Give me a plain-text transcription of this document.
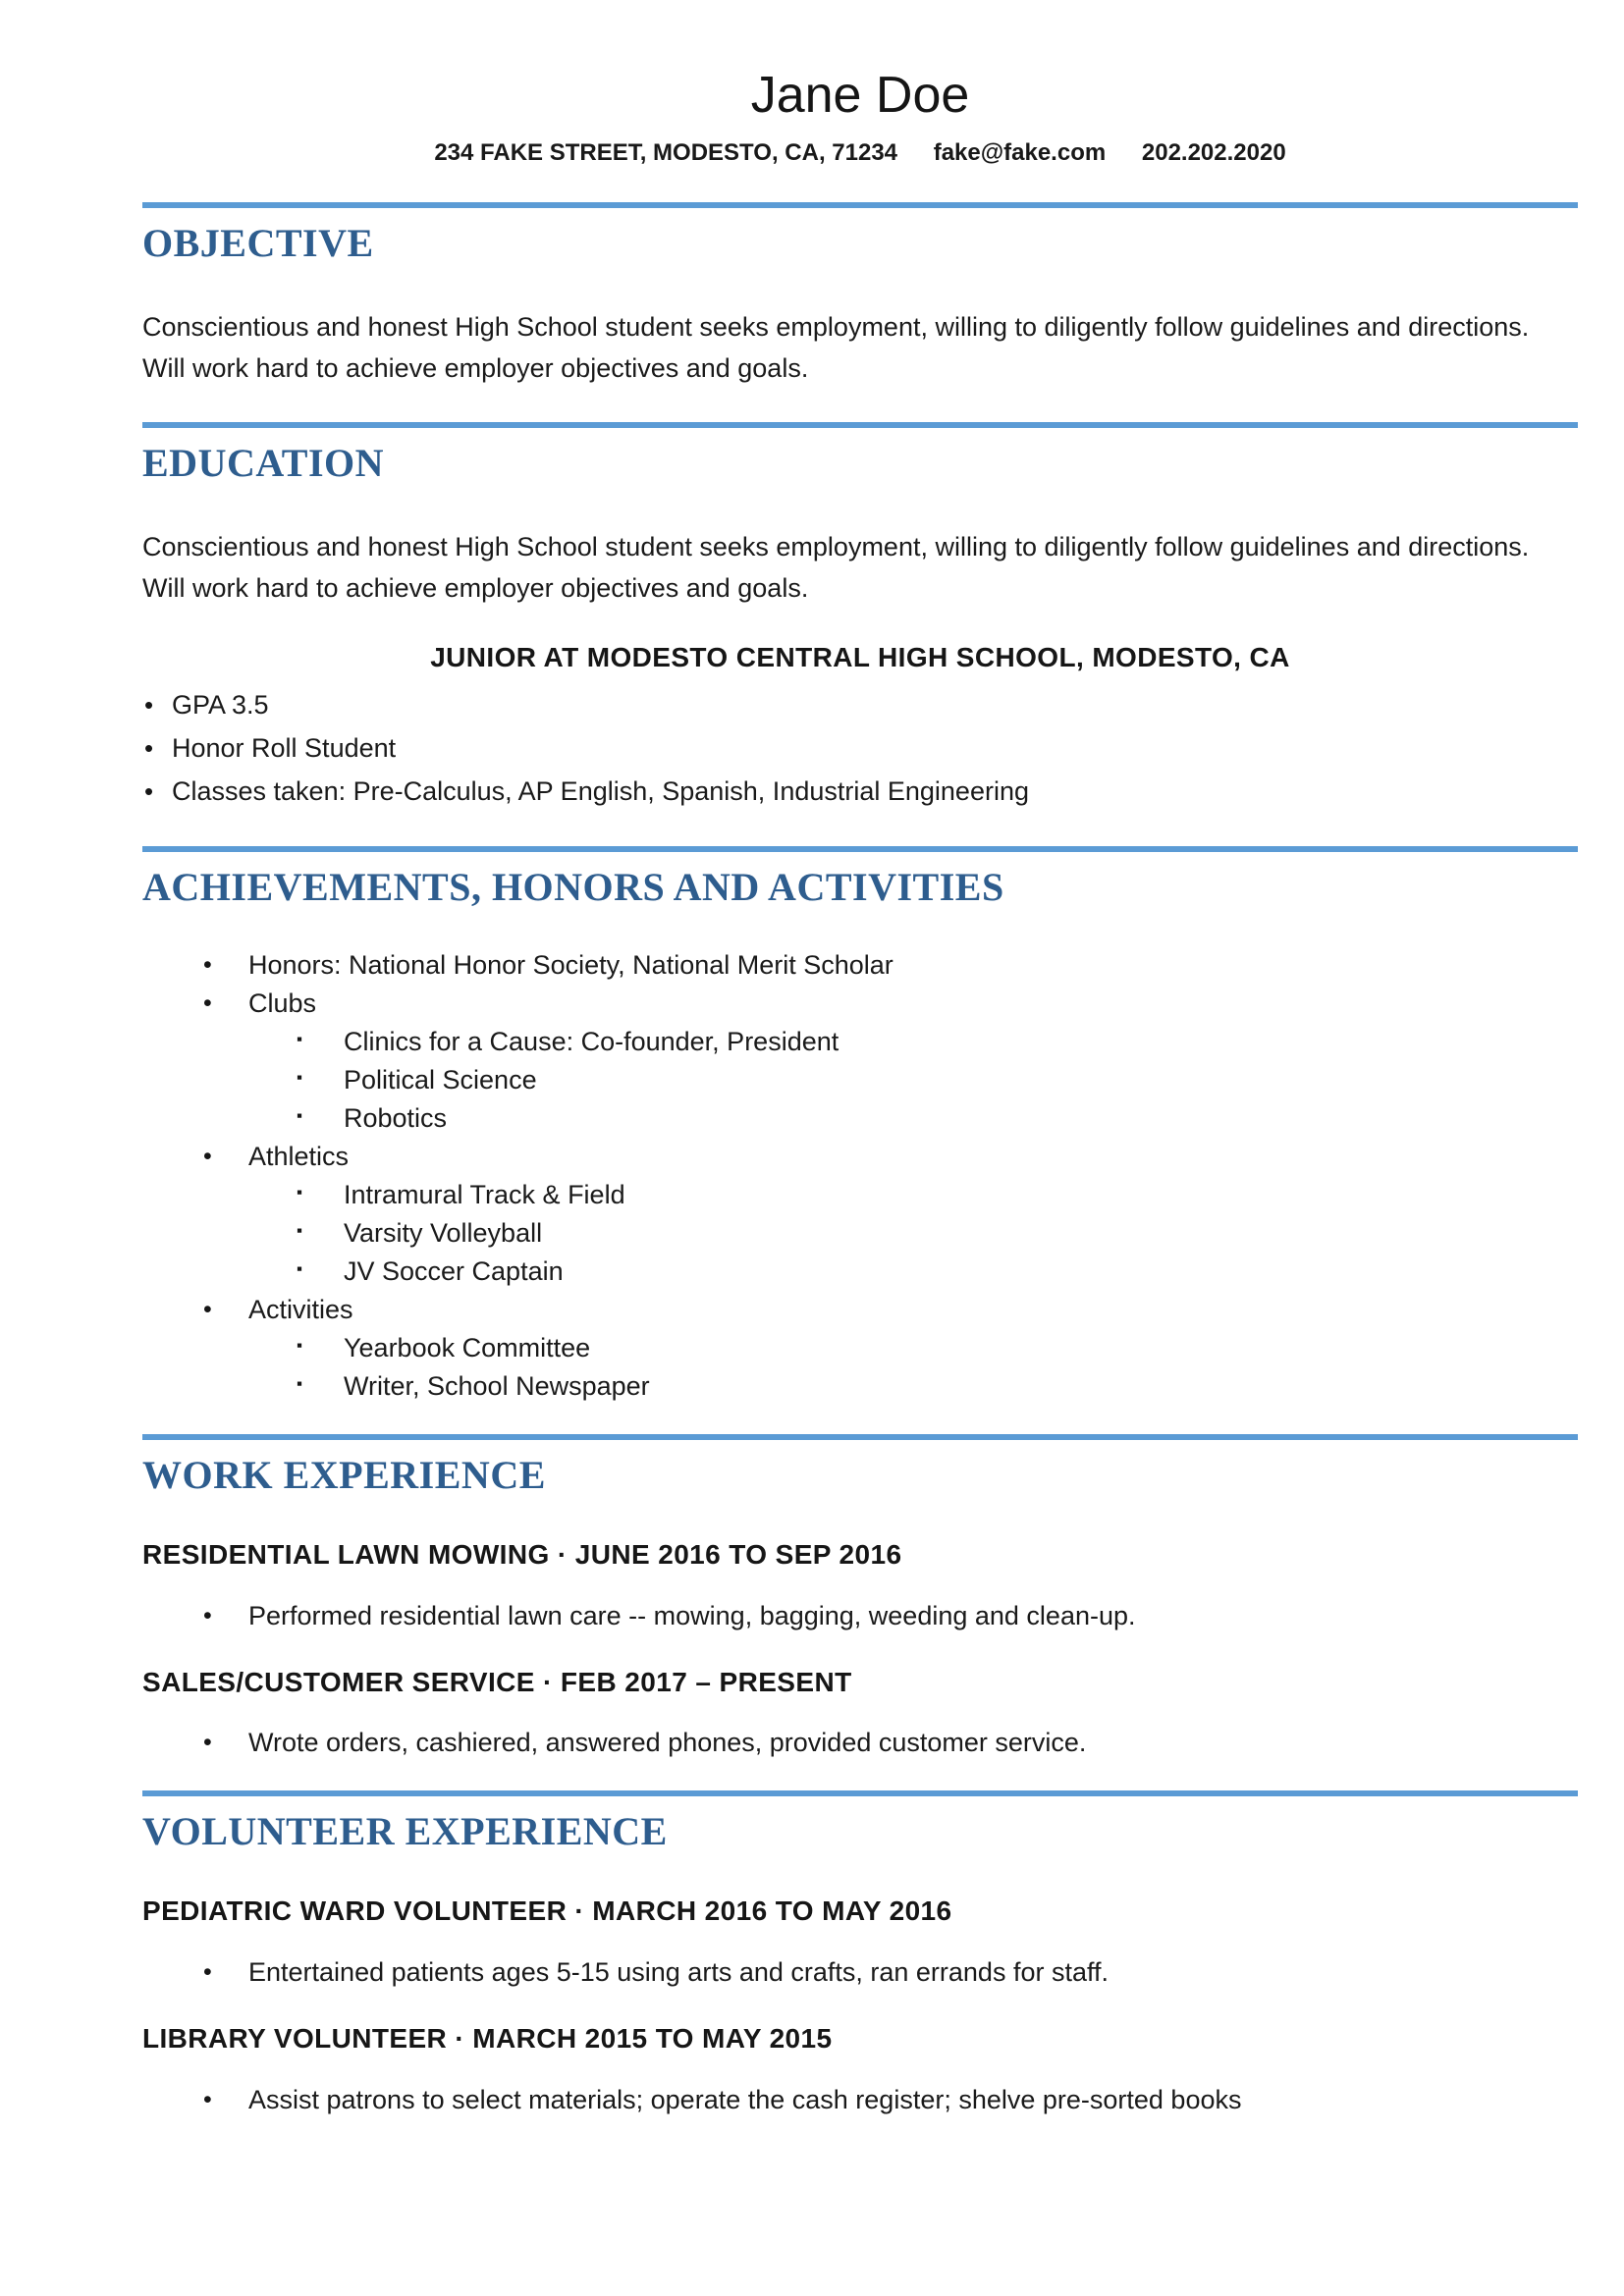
Jane Doe
234 FAKE STREET, MODESTO, CA, 71234 fake@fake.com 202.202.2020
OBJECTIVE

Conscientious and honest High School student seeks employment, willing to diligently follow guidelines and directions. Will work hard to achieve employer objectives and goals.

EDUCATION

Conscientious and honest High School student seeks employment, willing to diligently follow guidelines and directions. Will work hard to achieve employer objectives and goals.

JUNIOR AT MODESTO CENTRAL HIGH SCHOOL, MODESTO, CA

• GPA 3.5
• Honor Roll Student
• Classes taken: Pre-Calculus, AP English, Spanish, Industrial Engineering
ACHIEVEMENTS, HONORS AND ACTIVITIES
• Honors: National Honor Society, National Merit Scholar
• Clubs
▪ Clinics for a Cause: Co-founder, President
▪ Political Science
▪ Robotics
• Athletics
▪ Intramural Track & Field
▪ Varsity Volleyball
▪ JV Soccer Captain
• Activities
▪ Yearbook Committee
▪ Writer, School Newspaper
WORK EXPERIENCE
RESIDENTIAL LAWN MOWING · JUNE 2016 TO SEP 2016
• Performed residential lawn care -- mowing, bagging, weeding and clean-up.
SALES/CUSTOMER SERVICE · FEB 2017 – PRESENT
• Wrote orders, cashiered, answered phones, provided customer service.
VOLUNTEER EXPERIENCE
PEDIATRIC WARD VOLUNTEER · MARCH 2016 TO MAY 2016
• Entertained patients ages 5-15 using arts and crafts, ran errands for staff.
LIBRARY VOLUNTEER · MARCH 2015 TO MAY 2015
• Assist patrons to select materials; operate the cash register; shelve pre-sorted books
